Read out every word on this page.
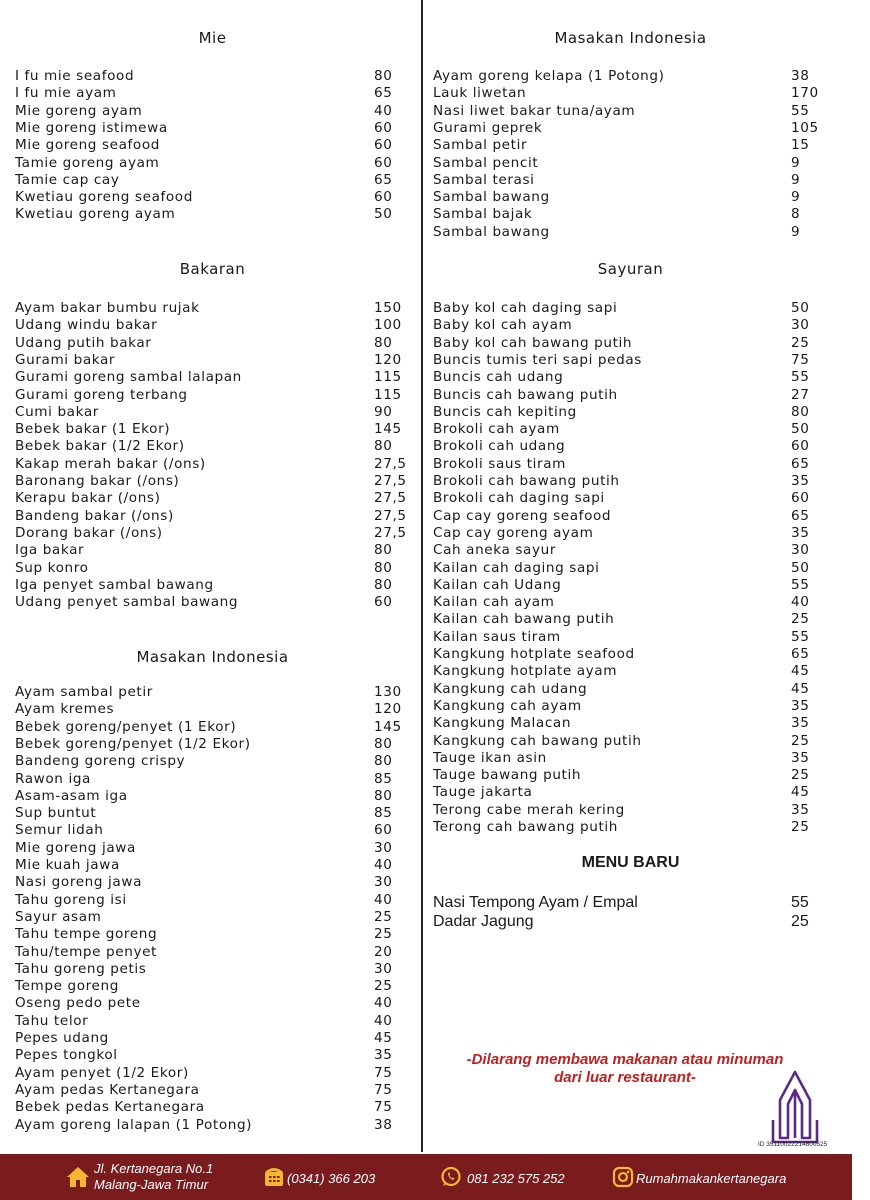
Mie
I fu mie seafood	80
I fu mie ayam	65
Mie goreng ayam	40
Mie goreng istimewa	60
Mie goreng seafood	60
Tamie goreng ayam	60
Tamie cap cay	65
Kwetiau goreng seafood	60
Kwetiau goreng ayam	50
Bakaran
Ayam bakar bumbu rujak	150
Udang windu bakar	100
Udang putih bakar	80
Gurami bakar	120
Gurami goreng sambal lalapan	115
Gurami goreng terbang	115
Cumi bakar	90
Bebek bakar (1 Ekor)	145
Bebek bakar (1/2 Ekor)	80
Kakap merah bakar (/ons)	27,5
Baronang bakar (/ons)	27,5
Kerapu bakar (/ons)	27,5
Bandeng bakar (/ons)	27,5
Dorang bakar (/ons)	27,5
Iga bakar	80
Sup konro	80
Iga penyet sambal bawang	80
Udang penyet sambal bawang	60
Masakan Indonesia
Ayam sambal petir	130
Ayam kremes	120
Bebek goreng/penyet (1 Ekor)	145
Bebek goreng/penyet (1/2 Ekor)	80
Bandeng goreng crispy	80
Rawon iga	85
Asam-asam iga	80
Sup buntut	85
Semur lidah	60
Mie goreng jawa	30
Mie kuah jawa	40
Nasi goreng jawa	30
Tahu goreng isi	40
Sayur asam	25
Tahu tempe goreng	25
Tahu/tempe penyet	20
Tahu goreng petis	30
Tempe goreng	25
Oseng pedo pete	40
Tahu telor	40
Pepes udang	45
Pepes tongkol	35
Ayam penyet (1/2 Ekor)	75
Ayam pedas Kertanegara	75
Bebek pedas Kertanegara	75
Ayam goreng lalapan (1 Potong)	38
Masakan Indonesia
Ayam goreng kelapa (1 Potong)	38
Lauk liwetan	170
Nasi liwet bakar tuna/ayam	55
Gurami geprek	105
Sambal petir	15
Sambal pencit	9
Sambal terasi	9
Sambal bawang	9
Sambal bajak	8
Sambal bawang	9
Sayuran
Baby kol cah daging sapi	50
Baby kol cah ayam	30
Baby kol cah bawang putih	25
Buncis tumis teri sapi pedas	75
Buncis cah udang	55
Buncis cah bawang putih	27
Buncis cah kepiting	80
Brokoli cah ayam	50
Brokoli cah udang	60
Brokoli saus tiram	65
Brokoli cah bawang putih	35
Brokoli cah daging sapi	60
Cap cay goreng seafood	65
Cap cay goreng ayam	35
Cah aneka sayur	30
Kailan cah daging sapi	50
Kailan cah Udang	55
Kailan cah ayam	40
Kailan cah bawang putih	25
Kailan saus tiram	55
Kangkung hotplate seafood	65
Kangkung hotplate ayam	45
Kangkung cah udang	45
Kangkung cah ayam	35
Kangkung Malacan	35
Kangkung cah bawang putih	25
Tauge ikan asin	35
Tauge bawang putih	25
Tauge jakarta	45
Terong cabe merah kering	35
Terong cah bawang putih	25
MENU BARU
Nasi Tempong Ayam / Empal	55
Dadar Jagung	25
-Dilarang membawa makanan atau minuman
dari luar restaurant-
ID 35110022214800525
Jl. Kertanegara No.1
Malang-Jawa Timur	(0341) 366 203	081 232 575 252	Rumahmakankertanegara
